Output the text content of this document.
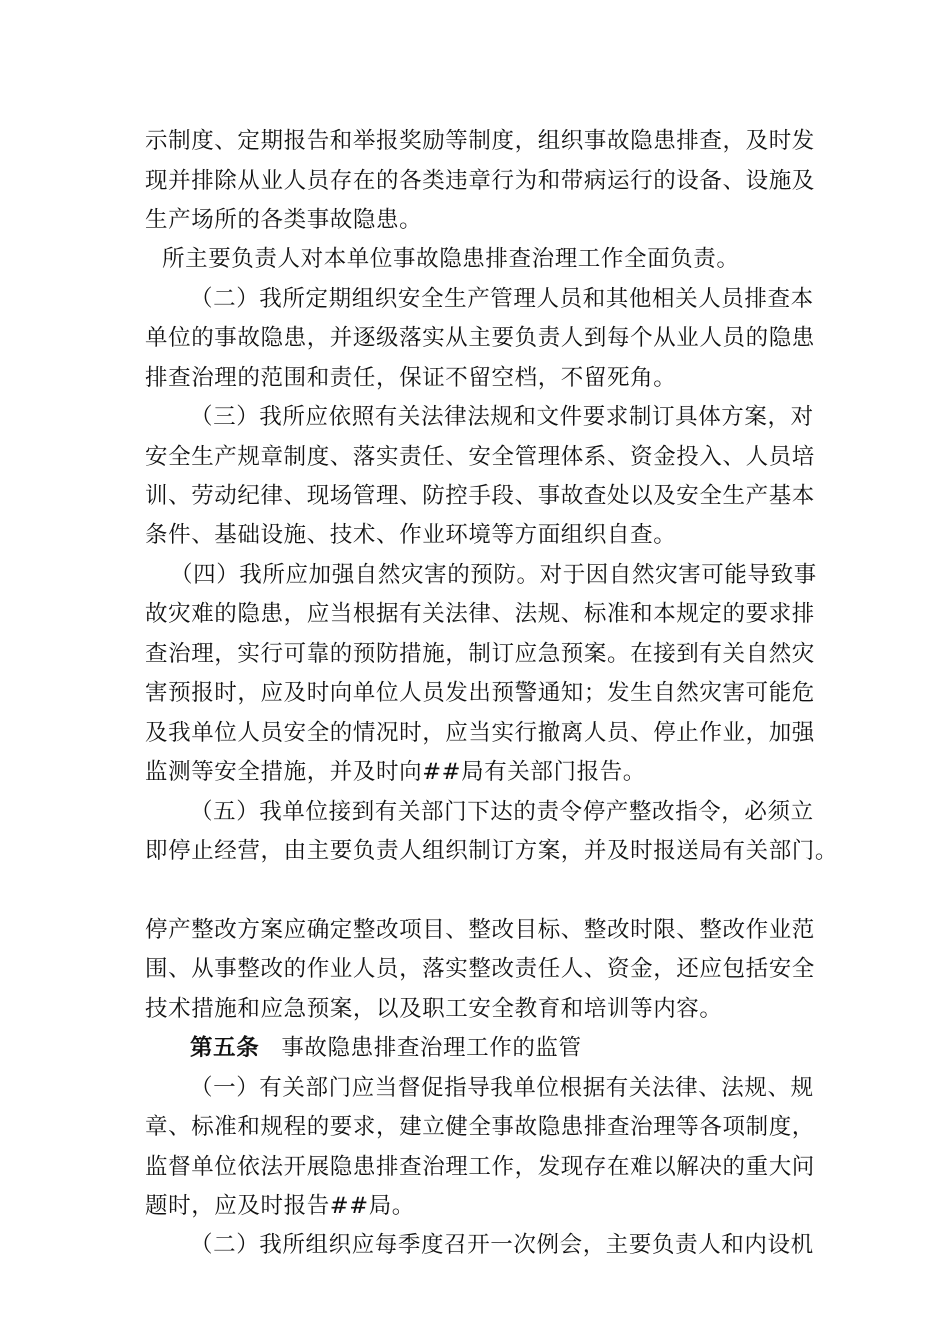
示制度、定期报告和举报奖励等制度，组织事故隐患排查，及时发
现并排除从业人员存在的各类违章行为和带病运行的设备、设施及
生产场所的各类事故隐患。
所主要负责人对本单位事故隐患排查治理工作全面负责。
（二）我所定期组织安全生产管理人员和其他相关人员排查本
单位的事故隐患，并逐级落实从主要负责人到每个从业人员的隐患
排查治理的范围和责任，保证不留空档，不留死角。
（三）我所应依照有关法律法规和文件要求制订具体方案，对
安全生产规章制度、落实责任、安全管理体系、资金投入、人员培
训、劳动纪律、现场管理、防控手段、事故查处以及安全生产基本
条件、基础设施、技术、作业环境等方面组织自查。
（四）我所应加强自然灾害的预防。对于因自然灾害可能导致事
故灾难的隐患，应当根据有关法律、法规、标准和本规定的要求排
查治理，实行可靠的预防措施，制订应急预案。在接到有关自然灾
害预报时，应及时向单位人员发出预警通知；发生自然灾害可能危
及我单位人员安全的情况时，应当实行撤离人员、停止作业，加强
监测等安全措施，并及时向##局有关部门报告。
（五）我单位接到有关部门下达的责令停产整改指令，必须立
即停止经营，由主要负责人组织制订方案，并及时报送局有关部门。
停产整改方案应确定整改项目、整改目标、整改时限、整改作业范
围、从事整改的作业人员，落实整改责任人、资金，还应包括安全
技术措施和应急预案，以及职工安全教育和培训等内容。
第五条 事故隐患排查治理工作的监管
（一）有关部门应当督促指导我单位根据有关法律、法规、规
章、标准和规程的要求，建立健全事故隐患排查治理等各项制度，
监督单位依法开展隐患排查治理工作，发现存在难以解决的重大问
题时，应及时报告##局。
（二）我所组织应每季度召开一次例会，主要负责人和内设机
